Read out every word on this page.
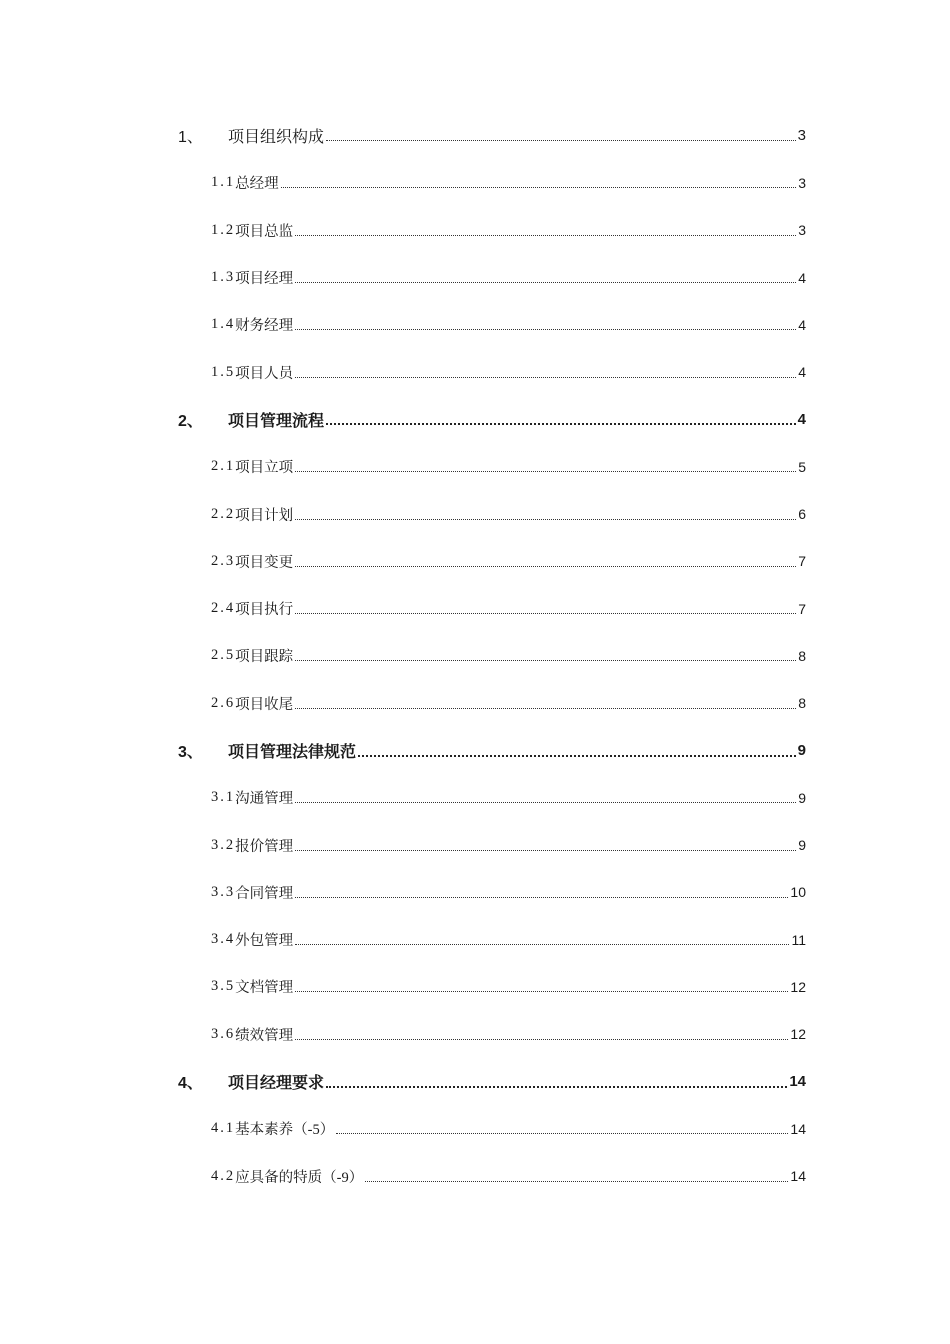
1、	项目组织构成	3
1.1 总经理	3
1.2 项目总监	3
1.3 项目经理	4
1.4 财务经理	4
1.5 项目人员	4
2、	项目管理流程	4
2.1 项目立项	5
2.2 项目计划	6
2.3 项目变更	7
2.4 项目执行	7
2.5 项目跟踪	8
2.6 项目收尾	8
3、	项目管理法律规范	9
3.1 沟通管理	9
3.2 报价管理	9
3.3 合同管理	10
3.4 外包管理	11
3.5 文档管理	12
3.6 绩效管理	12
4、	项目经理要求	14
4.1 基本素养（-5）	14
4.2 应具备的特质（-9）	14
